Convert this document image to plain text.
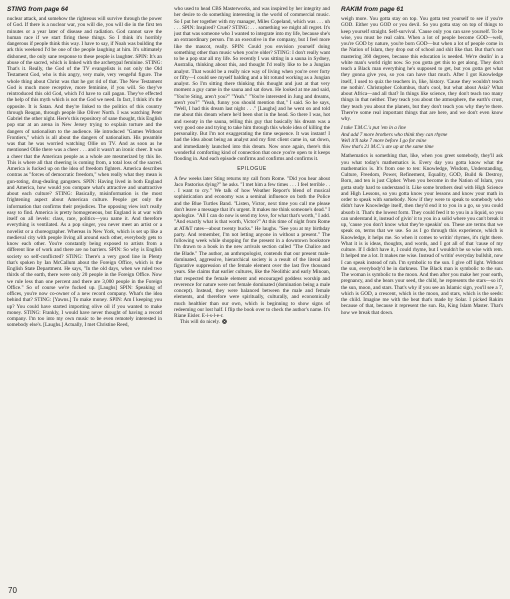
STING from page 64

nuclear attack, and somehow the righteous will survive through the power of God. If there is a nuclear war, you will die, you will die in the first ten minutes or a year later of disease and radiation. God cannot save the human race if we start firing these things. So I think it's horribly dangerous if people think this way. I have to say, if Noah was building the ark this weekend I'd be one of the people laughing at him. It's ultimately dishonest, the only sane response to these people is laughter. SPIN: It's an abuse of the sacred, which is linked with the archetypal feminine. STING: That's it. Really, the God of the TV evangelists is not only the Old Testament God, who is this angry, very male, very vengeful figure. The whole thing about Christ was that he got rid of that. The New Testament God is much more receptive, more feminine, if you will. So they've reintroduced this old God, which I'd have to call pagan. They've effected the help of this myth which is not the God we need. In fact, I think it's the opposite. It is Satan. And they're linked to the politics of this country through Reagan, through people like Oliver North. I was watching Peter Gabriel the other night. Here's this repository of sane thought, this English pop star at an arena in New Jersey trying to explain torture and the dangers of nationalism to the audience. He introduced "Games Without Frontiers," which is all about the dangers of nationalism. His preamble was that he was worried watching Ollie on TV. And as soon as he mentioned Ollie there was a cheer . . . and it wasn't an ironic cheer. It was a cheer that the American people as a whole are mesmerized by this lie. This is where all that cheering is coming from, a total loss of the sacred. America is fucked up on the idea of freedom fighters. America describes contras as "forces of democratic freedom," when really what they mean is gun-toting, drug-dealing gangsters. SPIN: Having lived in both England and America, how would you compare what's attractive and unattractive about each culture? STING: Basically, misinformation is the most frightening aspect about American culture. People get only the information that confirms their prejudices. The opposing view isn't really easy to find. America is pretty homogeneous, but England is at war with itself on all levels: class, race, politics—you name it. And therefore everything is ventilated. As a pop singer, you never meet an artist or a novelist or a choreographer. Whereas in New York, which is set up like a medieval city with people living all around each other, everybody gets to know each other. You're constantly being exposed to artists from a different line of work and there are no barriers. SPIN: So why is English society so self-conflicted? STING: There's a very good line in Plenty that's spoken by Ian McCallum about the Foreign Office, which is the English State Department. He says, "In the old days, when we ruled two thirds of the earth, there were only 20 people in the Foreign Office. Now we rule less than one percent and there are 3,000 people in the Foreign Office." So of course we're fucked up. [Laughs] SPIN: Speaking of offices, you're now co-owner of a new record company. What's the idea behind that? STING: [Yawns.] To make money. SPIN: Am I keeping you up? You could have started importing olive oil if you wanted to make money. STING: Frankly, I would have never thought of having a record company. I'm too into my own music to be even remotely interested in somebody else's. [Laughs.] Actually, I met Christine Reed,

who used to head CBS Masterworks, and was inspired by her integrity and her desire to do something interesting in the world of commercial music. So I put her together with my manager, Miles Copeland, which was . . . uh . . . SPIN: Inspired? Cruel? STING: . . . something we might all regret. It's just that was someone who I wanted to integrate into my life, because she's an extraordinary person. I'm an executive in the company, but I feel more like the mascot, really. SPIN: Could you envision yourself doing something other than music when you're older? STING: I don't really want to be a pop star all my life. So recently I was sitting in a sauna in Sydney, Australia, thinking about this, and thought I'd really like to be a Jungian analyst. That would be a really nice way of living when you're over forty or fifty—I could see myself balding and a bit rotund working as a Jungian analyst. So I'm sitting there thinking this thought and just at that very moment a guy came in the sauna and sat down. He looked at me and said, "You're Sting, aren't you?" "Yeah." "You're interested in Jung and dreams, aren't you?" "Yeah, funny you should mention that," I said. So he says, "Well, I had this dream last night . . ." [Laughs] and he went on and told me about this dream where he'd been shot in the head. So there I was, hot and sweaty in the sauna, telling this guy that basically his dream was a very good one and trying to take him through this whole idea of killing the personality. But I'm not exaggerating the time sequence. It was instant! I had the idea about being an analyst and my first client came in, sat down, and immediately launched into this dream. Now once again, there's this wonderful comforting kind of connection that once you're open to it keeps flooding in. And each episode confirms and confirms and confirms it.

EPILOGUE

A few weeks later Sting returns my call from Rome. "Did you hear about Jaco Pastorius dying?" he asks. "I met him a few times . . . I feel terrible . . . I want to cry." We talk of how Weather Report's blend of musical sophistication and economy was a seminal influence on both the Police and the Blue Turtles Band. "Listen, Victor, next time you call me please don't leave a message that it's urgent. It makes me think someone's dead." I apologize. "All I can do now is send my love, for what that's worth," I add. "And exactly what is that worth, Victor?" At this time of night from Rome at AT&T rates—about twenty bucks." He laughs. "See you at my birthday party. And remember, I'm not letting anyone in without a present." The following week while shopping for the present in a downtown bookstore I'm drawn to a book in the new arrivals section called "The Chalice and the Blade." The author, an anthropologist, contends that our present male-dominated, aggressive, hierarchical society is a result of the literal and figurative suppression of the female element over the last five thousand years. She claims that earlier cultures, like the Neolithic and early Minoan, that respected the female element and encouraged goddess worship and reverence for nature were not female dominated (domination being a male concept). Instead, they were balanced between the male and female elements, and therefore were spiritually, culturally, and economically much healthier than our own, which is beginning to show signs of redeeming our lost half. I flip the book over to check the author's name. It's Riane Eisler. E-i-s-l-e-r.

This will do nicely.

RAKIM from page 61

weigh more. You gotta stay on top. You gotta test yourself to see if you're GOD. Either you GOD or you devil. So you gotta stay on top of things to keep yourself straight. Self-survival. 'Cause only you can save yourself. To be wise, you must be real calm. When a lot of people become GOD—well, you're GOD by nature, you're born GOD—but when a lot of people come in the Nation of Islam, they drop out of school and shit like that. But that's not mastering 360 degrees, because this education is needed. We're dealin' in a white man's world right now. So you gotta get this to get along. They don't teach a Black man everything he's supposed to get, but you gotta get what they gonna give you, so you can have that much. After I got Knowledge itself, I used to quiz the teachers in, like, history. 'Cause they wouldn't teach me nothin'. Christopher Columbus, that's cool, but what about Asia? What about Africa—and all that? In things like science, they don't teach too many things in that neither. They teach you about the atmosphere, the earth's crust, they teach you about the planets, but they don't teach you why they're there. There're some real important things that are here, and we don't even know why.

I take T.M.C.'s put 'em in a line
And add 7 more brothers who think they can rhyme
Well it'll take 7 more before I go for mine
Now that's 21 M.C.'s ate up at the same time

Mathematics is something that, like, when you greet somebody, they'll ask you what today's mathematics is. Every day you gotta know what the mathematics is. It's from one to ten: Knowledge, Wisdom, Understanding, Culture, Freedom, Power, Refinement, Equality, GOD, Build & Destroy, Born, and ten is just Cipher. When you become in the Nation of Islam, you gotta study hard to understand it. Like some brothers deal with High Science and High Lessons, so you gotta know your lessons and know your math in order to speak with somebody. Now if they were to speak to somebody who didn't have Knowledge itself, then they'd end it to you in a go, so you could absorb it. That's the lowest form. They could feed it to you in a liquid, so you can understand it, instead of givin' it to you in a solid where you can't break it up, 'cause you don't know what they're speakin' on. These are terms that we speak on, terms that we use. So as I go through this experience, which is Knowledge, it helps me. So when it comes to writin' rhymes, it's right there. What it is is ideas, thoughts, and words, and I got all of that 'cause of my culture. If I didn't have it, I could rhyme, but I wouldn't be so wise with rem. It helped me a lot. It makes me wise. Instead of writin' everyday bullshit, now I can speak instead of rah. I'm symbolic to the sun. I give off light. Without the sun, everybody'd be in darkness. The Black man is symbolic to the sun. The woman is symbolic to the moon. And then after you make her your earth, pregnancy, and she bears your seed, the child, he represents the stars—so it's the sun, moon, and stars. That's why if you see an Islamic sign, you'll see a 7, which is GOD, a crescent, which is the moon, and stars, which is the seeds: the child. Imagine me with the beat that's made by Solar. I picked Rakim because of that, because it represent the sun. Ra, King Islam Master. That's how we break that down.

70
